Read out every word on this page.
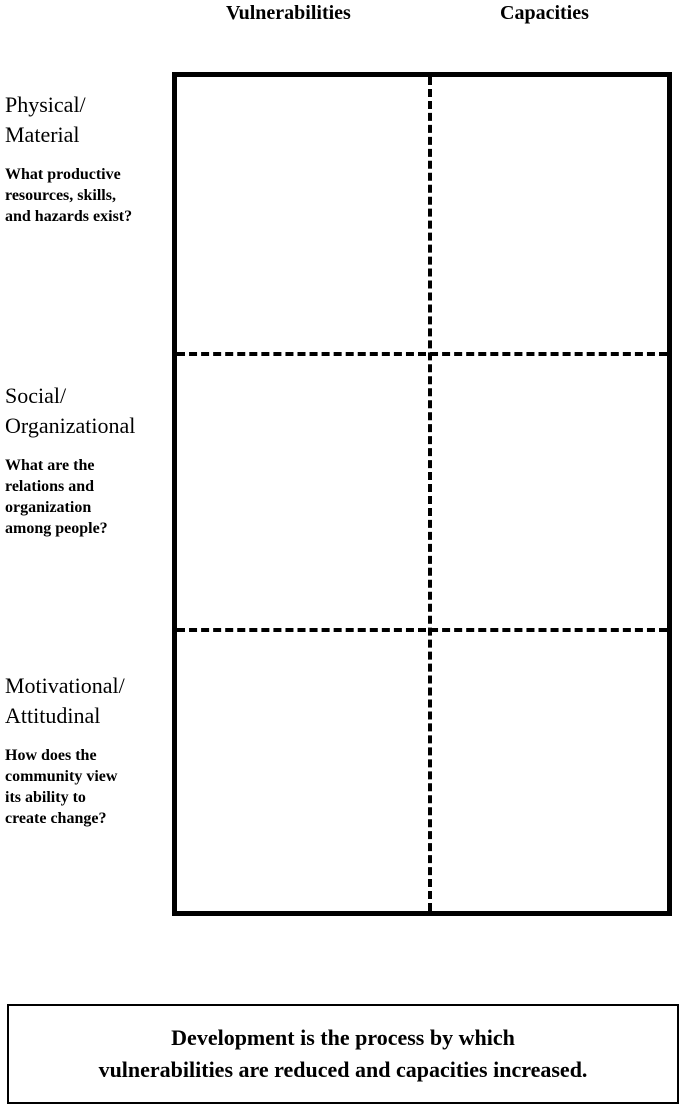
Vulnerabilities	Capacities
Physical/
Material
What productive
resources, skills,
and hazards exist?
Social/
Organizational
What are the
relations and
organization
among people?
Motivational/
Attitudinal
How does the
community view
its ability to
create change?
Development is the process by which
vulnerabilities are reduced and capacities increased.
